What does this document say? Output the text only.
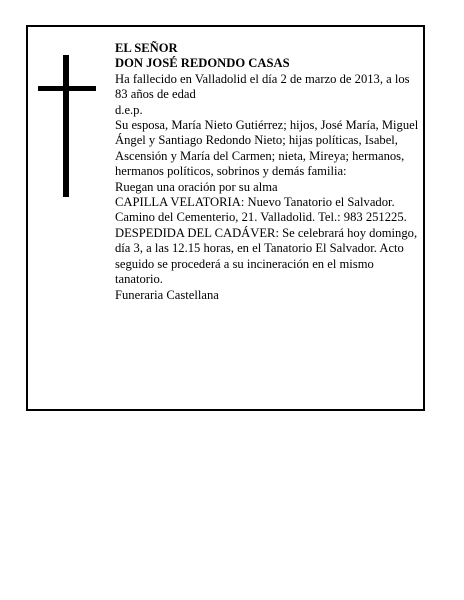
EL SEÑOR

DON JOSÉ REDONDO CASAS

Ha fallecido en Valladolid el día 2 de marzo de 2013, a los 83 años de edad

d.e.p.

Su esposa, María Nieto Gutiérrez; hijos, José María, Miguel Ángel y Santiago Redondo Nieto; hijas políticas, Isabel, Ascensión y María del Carmen; nieta, Mireya; hermanos, hermanos políticos, sobrinos y demás familia:

Ruegan una oración por su alma

CAPILLA VELATORIA: Nuevo Tanatorio el Salvador. Camino del Cementerio, 21. Valladolid. Tel.: 983 251225.

DESPEDIDA DEL CADÁVER: Se celebrará hoy domingo, día 3, a las 12.15 horas, en el Tanatorio El Salvador. Acto seguido se procederá a su incineración en el mismo tanatorio.

Funeraria Castellana
